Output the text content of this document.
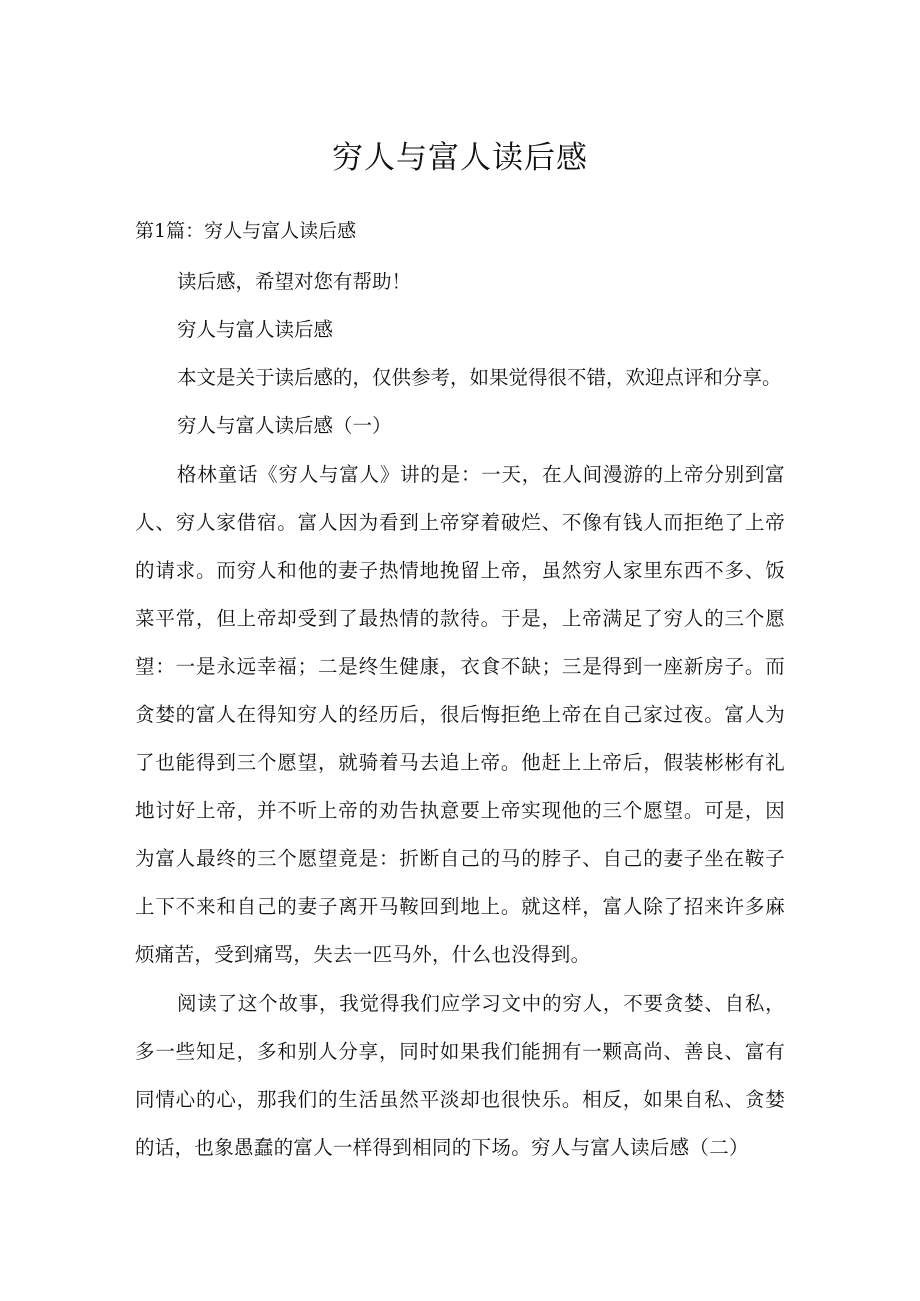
穷人与富人读后感
第1篇：穷人与富人读后感
读后感，希望对您有帮助！
穷人与富人读后感
本文是关于读后感的，仅供参考，如果觉得很不错，欢迎点评和分享。
穷人与富人读后感（一）
格林童话《穷人与富人》讲的是：一天，在人间漫游的上帝分别到富人、穷人家借宿。富人因为看到上帝穿着破烂、不像有钱人而拒绝了上帝的请求。而穷人和他的妻子热情地挽留上帝，虽然穷人家里东西不多、饭菜平常，但上帝却受到了最热情的款待。于是，上帝满足了穷人的三个愿望：一是永远幸福；二是终生健康，衣食不缺；三是得到一座新房子。而贪婪的富人在得知穷人的经历后，很后悔拒绝上帝在自己家过夜。富人为了也能得到三个愿望，就骑着马去追上帝。他赶上上帝后，假装彬彬有礼地讨好上帝，并不听上帝的劝告执意要上帝实现他的三个愿望。可是，因为富人最终的三个愿望竟是：折断自己的马的脖子、自己的妻子坐在鞍子上下不来和自己的妻子离开马鞍回到地上。就这样，富人除了招来许多麻烦痛苦，受到痛骂，失去一匹马外，什么也没得到。
阅读了这个故事，我觉得我们应学习文中的穷人，不要贪婪、自私，多一些知足，多和别人分享，同时如果我们能拥有一颗高尚、善良、富有同情心的心，那我们的生活虽然平淡却也很快乐。相反，如果自私、贪婪的话，也象愚蠢的富人一样得到相同的下场。穷人与富人读后感（二）
